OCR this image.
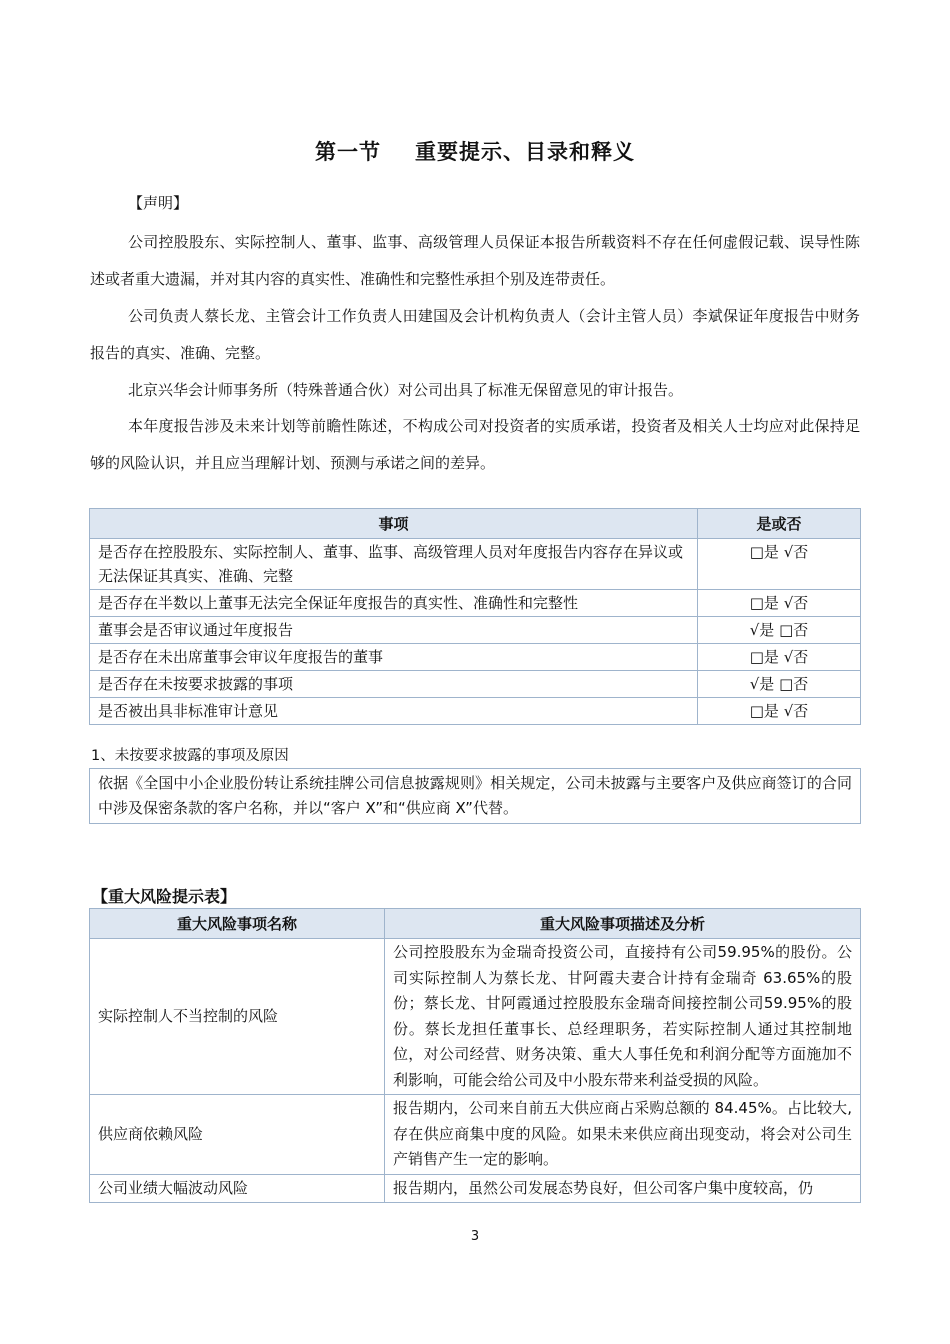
第一节 重要提示、目录和释义
【声明】

公司控股股东、实际控制人、董事、监事、高级管理人员保证本报告所载资料不存在任何虚假记载、误导性陈述或者重大遗漏，并对其内容的真实性、准确性和完整性承担个别及连带责任。

公司负责人蔡长龙、主管会计工作负责人田建国及会计机构负责人（会计主管人员）李斌保证年度报告中财务报告的真实、准确、完整。

北京兴华会计师事务所（特殊普通合伙）对公司出具了标准无保留意见的审计报告。

本年度报告涉及未来计划等前瞻性陈述，不构成公司对投资者的实质承诺，投资者及相关人士均应对此保持足够的风险认识，并且应当理解计划、预测与承诺之间的差异。

事项	是或否
是否存在控股股东、实际控制人、董事、监事、高级管理人员对年度报告内容存在异议或无法保证其真实、准确、完整	□是 √否
是否存在半数以上董事无法完全保证年度报告的真实性、准确性和完整性	□是 √否
董事会是否审议通过年度报告	√是 □否
是否存在未出席董事会审议年度报告的董事	□是 √否
是否存在未按要求披露的事项	√是 □否
是否被出具非标准审计意见	□是 √否
1、未按要求披露的事项及原因
依据《全国中小企业股份转让系统挂牌公司信息披露规则》相关规定，公司未披露与主要客户及供应商签订的合同中涉及保密条款的客户名称，并以“客户 X”和“供应商 X”代替。
【重大风险提示表】
重大风险事项名称	重大风险事项描述及分析
实际控制人不当控制的风险	公司控股股东为金瑞奇投资公司，直接持有公司59.95%的股份。公司实际控制人为蔡长龙、甘阿霞夫妻合计持有金瑞奇 63.65%的股份；蔡长龙、甘阿霞通过控股股东金瑞奇间接控制公司59.95%的股份。蔡长龙担任董事长、总经理职务，若实际控制人通过其控制地位，对公司经营、财务决策、重大人事任免和利润分配等方面施加不利影响，可能会给公司及中小股东带来利益受损的风险。
供应商依赖风险	报告期内，公司来自前五大供应商占采购总额的 84.45%。占比较大,存在供应商集中度的风险。如果未来供应商出现变动，将会对公司生产销售产生一定的影响。
公司业绩大幅波动风险	报告期内，虽然公司发展态势良好，但公司客户集中度较高，仍
3
